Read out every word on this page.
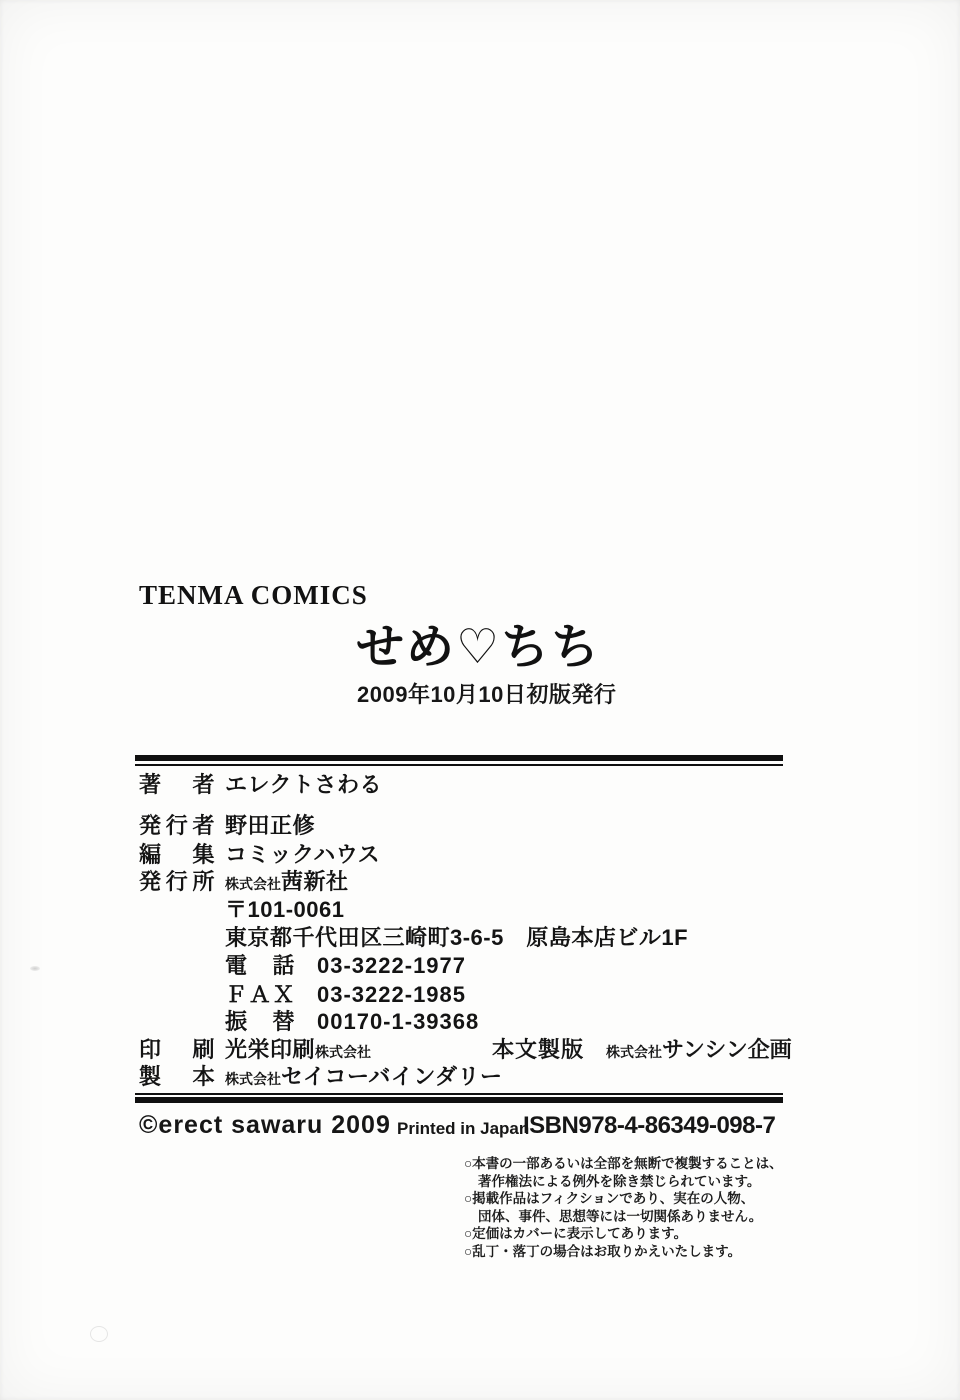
TENMA COMICS
せめ♡ちち
2009年10月10日初版発行
著　者 エレクトさわる
発行者 野田正修
編　集 コミックハウス
発行所 株式会社茜新社
〒101-0061
東京都千代田区三崎町3-6-5　原島本店ビル1F
電　話 03-3222-1977
ＦＡＸ 03-3222-1985
振　替 00170-1-39368
印　刷 光栄印刷株式会社	本文製版 株式会社サンシン企画
製　本 株式会社セイコーバインダリー
©erect sawaru 2009 Printed in Japan
ISBN978-4-86349-098-7
○本書の一部あるいは全部を無断で複製することは、
著作権法による例外を除き禁じられています。
○掲載作品はフィクションであり、実在の人物、
団体、事件、思想等には一切関係ありません。
○定価はカバーに表示してあります。
○乱丁・落丁の場合はお取りかえいたします。
